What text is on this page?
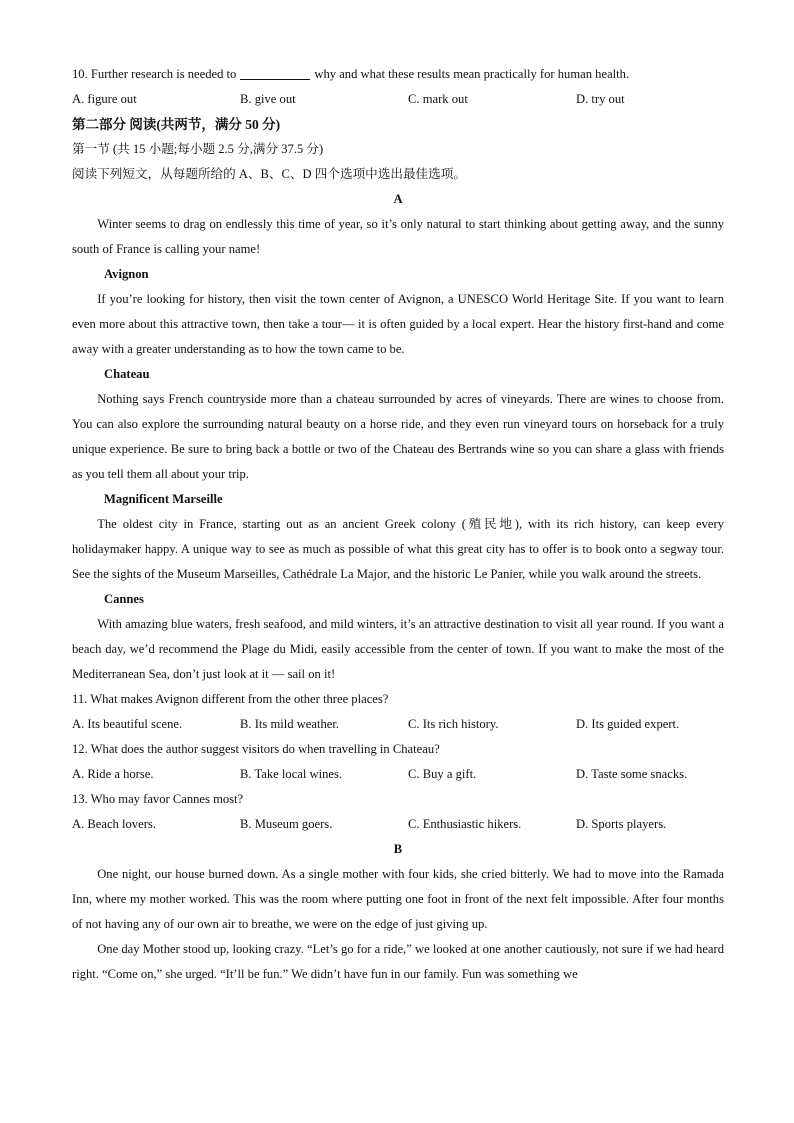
10. Further research is needed to	why and what these results mean practically for human health.
A. figure out	B. give out	C. mark out	D. try out
第二部分 阅读(共两节，满分 50 分)
第一节 (共 15 小题;每小题 2.5 分,满分 37.5 分)
阅读下列短文，从每题所给的 A、B、C、D 四个选项中选出最佳选项。
A

Winter seems to drag on endlessly this time of year, so it’s only natural to start thinking about getting away, and the sunny south of France is calling your name!

Avignon

If you’re looking for history, then visit the town center of Avignon, a UNESCO World Heritage Site. If you want to learn even more about this attractive town, then take a tour— it is often guided by a local expert. Hear the history first-hand and come away with a greater understanding as to how the town came to be.

Chateau

Nothing says French countryside more than a chateau surrounded by acres of vineyards. There are wines to choose from. You can also explore the surrounding natural beauty on a horse ride, and they even run vineyard tours on horseback for a truly unique experience. Be sure to bring back a bottle or two of the Chateau des Bertrands wine so you can share a glass with friends as you tell them all about your trip.

Magnificent Marseille

The oldest city in France, starting out as an ancient Greek colony (殖民地), with its rich history, can keep every holidaymaker happy. A unique way to see as much as possible of what this great city has to offer is to book onto a segway tour. See the sights of the Museum Marseilles, Cathédrale La Major, and the historic Le Panier, while you walk around the streets.

Cannes

With amazing blue waters, fresh seafood, and mild winters, it’s an attractive destination to visit all year round. If you want a beach day, we’d recommend the Plage du Midi, easily accessible from the center of town. If you want to make the most of the Mediterranean Sea, don’t just look at it — sail on it!

11. What makes Avignon different from the other three places?
A. Its beautiful scene.	B. Its mild weather.	C. Its rich history.	D. Its guided expert.
12. What does the author suggest visitors do when travelling in Chateau?
A. Ride a horse.	B. Take local wines.	C. Buy a gift.	D. Taste some snacks.
13. Who may favor Cannes most?
A. Beach lovers.	B. Museum goers.	C. Enthusiastic hikers.	D. Sports players.
B

One night, our house burned down. As a single mother with four kids, she cried bitterly. We had to move into the Ramada Inn, where my mother worked. This was the room where putting one foot in front of the next felt impossible. After four months of not having any of our own air to breathe, we were on the edge of just giving up.

One day Mother stood up, looking crazy. “Let’s go for a ride,” we looked at one another cautiously, not sure if we had heard right. “Come on,” she urged. “It’ll be fun.” We didn’t have fun in our family. Fun was something we
